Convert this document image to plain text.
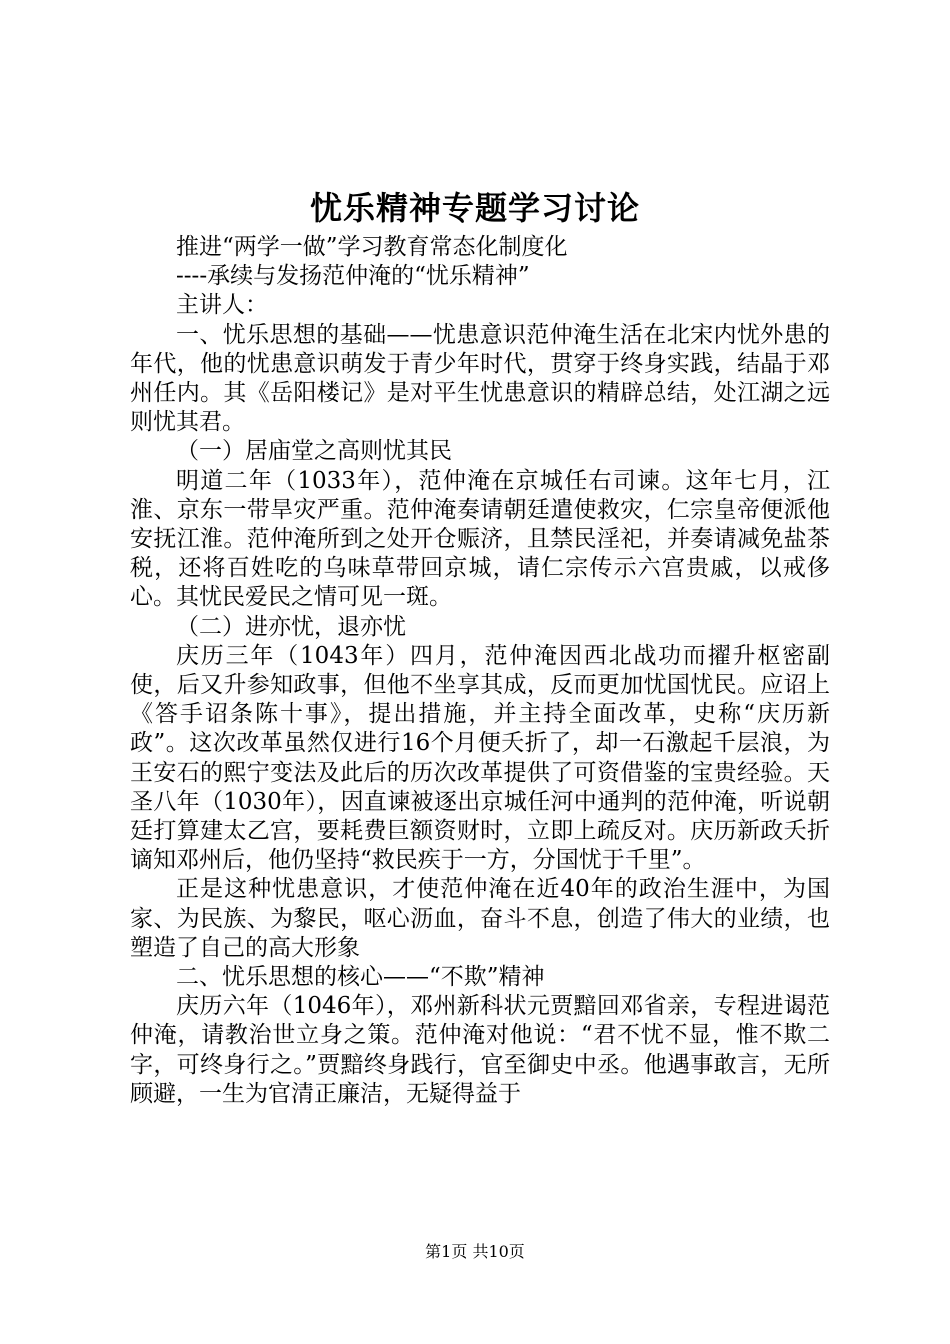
忧乐精神专题学习讨论

推进“两学一做”学习教育常态化制度化

----承续与发扬范仲淹的“忧乐精神”

主讲人：

一、忧乐思想的基础——忧患意识范仲淹生活在北宋内忧外患的年代，他的忧患意识萌发于青少年时代，贯穿于终身实践，结晶于邓州任内。其《岳阳楼记》是对平生忧患意识的精辟总结，处江湖之远则忧其君。

（一）居庙堂之高则忧其民

明道二年（1033年），范仲淹在京城任右司谏。这年七月，江淮、京东一带旱灾严重。范仲淹奏请朝廷遣使救灾，仁宗皇帝便派他安抚江淮。范仲淹所到之处开仓赈济，且禁民淫祀，并奏请减免盐茶税，还将百姓吃的乌味草带回京城，请仁宗传示六宫贵戚，以戒侈心。其忧民爱民之情可见一斑。

（二）进亦忧，退亦忧

庆历三年（1043年）四月，范仲淹因西北战功而擢升枢密副使，后又升参知政事，但他不坐享其成，反而更加忧国忧民。应诏上《答手诏条陈十事》，提出措施，并主持全面改革，史称“庆历新政”。这次改革虽然仅进行16个月便夭折了，却一石激起千层浪，为王安石的熙宁变法及此后的历次改革提供了可资借鉴的宝贵经验。天圣八年（1030年），因直谏被逐出京城任河中通判的范仲淹，听说朝廷打算建太乙宫，要耗费巨额资财时，立即上疏反对。庆历新政夭折谪知邓州后，他仍坚持“救民疾于一方，分国忧于千里”。

正是这种忧患意识，才使范仲淹在近40年的政治生涯中，为国家、为民族、为黎民，呕心沥血，奋斗不息，创造了伟大的业绩，也塑造了自己的高大形象

二、忧乐思想的核心——“不欺”精神

庆历六年（1046年），邓州新科状元贾黯回邓省亲，专程进谒范仲淹，请教治世立身之策。范仲淹对他说：“君不忧不显，惟不欺二字，可终身行之。”贾黯终身践行，官至御史中丞。他遇事敢言，无所顾避，一生为官清正廉洁，无疑得益于

第1页 共10页
